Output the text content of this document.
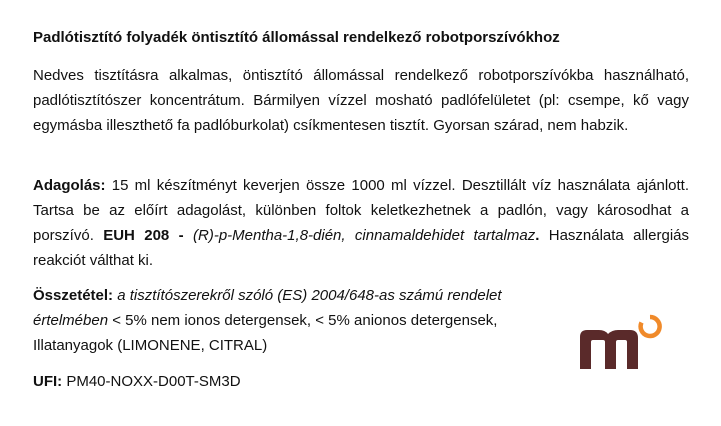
Padlótisztító folyadék öntisztító állomással rendelkező robotporszívókhoz

Nedves tisztításra alkalmas, öntisztító állomással rendelkező robotporszívókba használható, padlótisztítószer koncentrátum. Bármilyen vízzel mosható padlófelületet (pl: csempe, kő vagy egymásba illeszthető fa padlóburkolat) csíkmentesen tisztít. Gyorsan szárad, nem habzik.

Adagolás: 15 ml készítményt keverjen össze 1000 ml vízzel. Desztillált víz használata ajánlott. Tartsa be az előírt adagolást, különben foltok keletkezhetnek a padlón, vagy károsodhat a porszívó. EUH 208 - (R)-p-Mentha-1,8-dién, cinnamaldehidet tartalmaz. Használata allergiás reakciót válthat ki.

Összetétel: a tisztítószerekről szóló (ES) 2004/648-as számú rendelet értelmében < 5% nem ionos detergensek, < 5% anionos detergensek, Illatanyagok (LIMONENE, CITRAL)

UFI: PM40-NOXX-D00T-SM3D
